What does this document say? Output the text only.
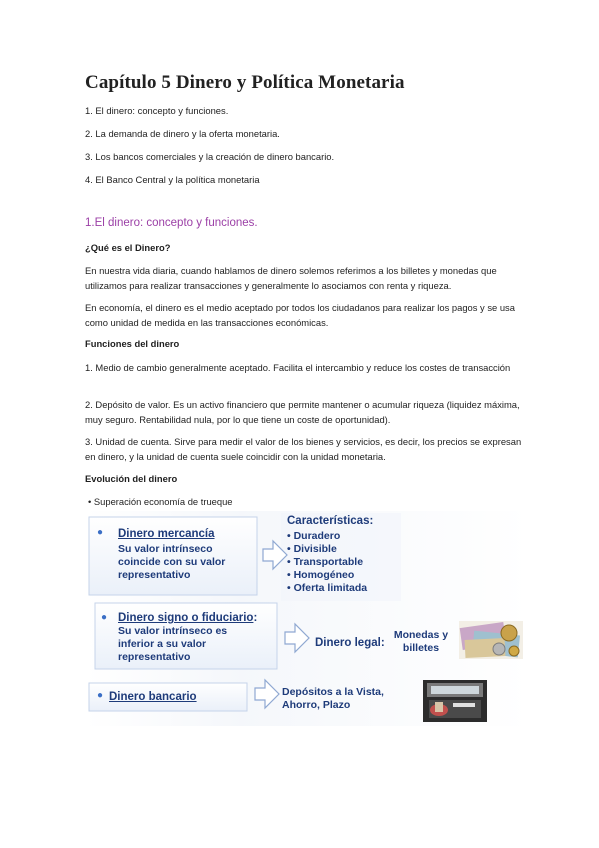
Capítulo 5 Dinero y Política Monetaria
1. El dinero: concepto y funciones.
2. La demanda de dinero y la oferta monetaria.
3. Los bancos comerciales y la creación de dinero bancario.
4. El Banco Central y la política monetaria
1.El dinero: concepto y funciones.
¿Qué es el Dinero?
En nuestra vida diaria, cuando hablamos de dinero solemos referimos a los billetes y monedas que utilizamos para realizar transacciones y generalmente lo asociamos con renta y riqueza.
En economía, el dinero es el medio aceptado por todos los ciudadanos para realizar los pagos y se usa como unidad de medida en las transacciones económicas.
Funciones del dinero
1. Medio de cambio generalmente aceptado. Facilita el intercambio y reduce los costes de transacción
2. Depósito de valor. Es un activo financiero que permite mantener o acumular riqueza (liquidez máxima, muy seguro. Rentabilidad nula, por lo que tiene un coste de oportunidad).
3. Unidad de cuenta. Sirve para medir el valor de los bienes y servicios, es decir, los precios se expresan en dinero, y la unidad de cuenta suele coincidir con la unidad monetaria.
Evolución del dinero
• Superación economía de trueque
● Dinero mercancía
Su valor intrínseco
coincide con su valor
representativo
Características:
• Duradero
• Divisible
• Transportable
• Homogéneo
• Oferta limitada
● Dinero signo o fiduciario:
Su valor intrínseco es
inferior a su valor
representativo
Dinero legal:
Monedas y
billetes
● Dinero bancario	Depósitos a la Vista,
Ahorro, Plazo
